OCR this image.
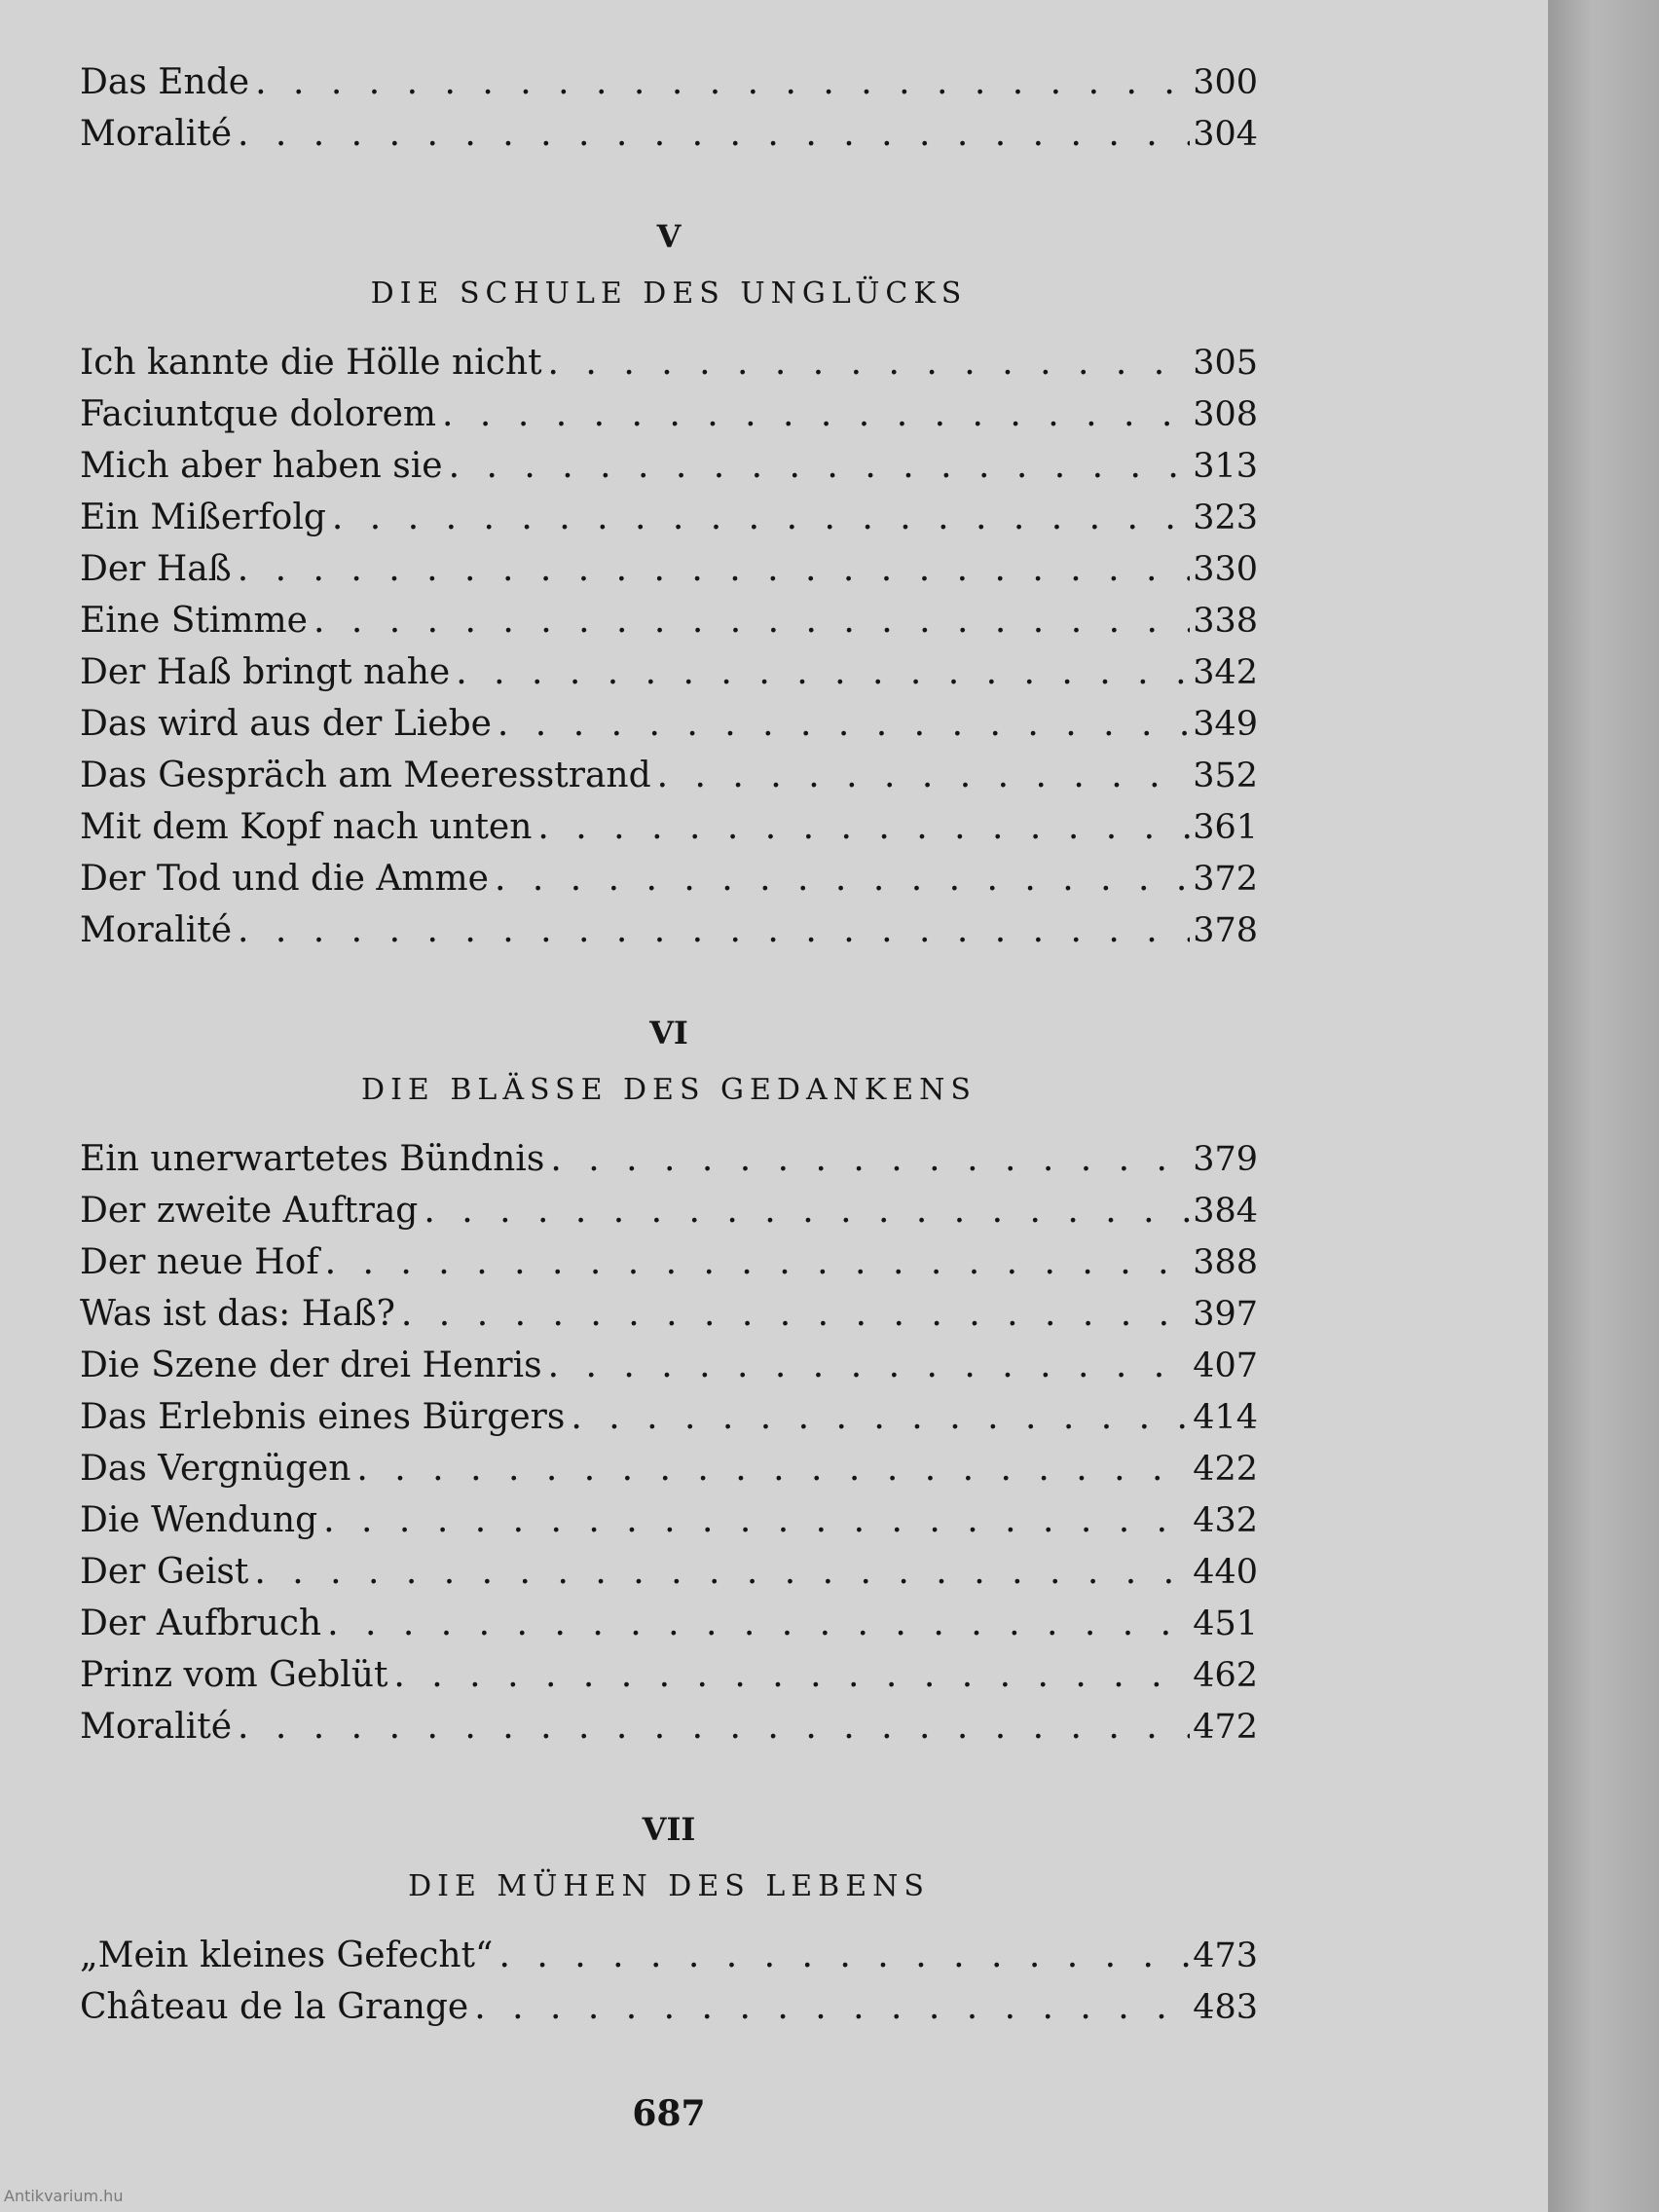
Das Ende . . .	300
Moralité . . .	304
V
DIE SCHULE DES UNGLÜCKS
Ich kannte die Hölle nicht . . .	305
Faciuntque dolorem . . .	308
Mich aber haben sie . . .	313
Ein Mißerfolg . . .	323
Der Haß . . .	330
Eine Stimme . . .	338
Der Haß bringt nahe . . .	342
Das wird aus der Liebe . . .	349
Das Gespräch am Meeresstrand . . .	352
Mit dem Kopf nach unten . . .	361
Der Tod und die Amme . . .	372
Moralité . . .	378
VI
DIE BLÄSSE DES GEDANKENS
Ein unerwartetes Bündnis . . .	379
Der zweite Auftrag . . .	384
Der neue Hof . . .	388
Was ist das: Haß? . . .	397
Die Szene der drei Henris . . .	407
Das Erlebnis eines Bürgers . . .	414
Das Vergnügen . . .	422
Die Wendung . . .	432
Der Geist . . .	440
Der Aufbruch . . .	451
Prinz vom Geblüt . . .	462
Moralité . . .	472
VII
DIE MÜHEN DES LEBENS
„Mein kleines Gefecht“ . . .	473
Château de la Grange . . .	483
687
Antikvarium.hu
